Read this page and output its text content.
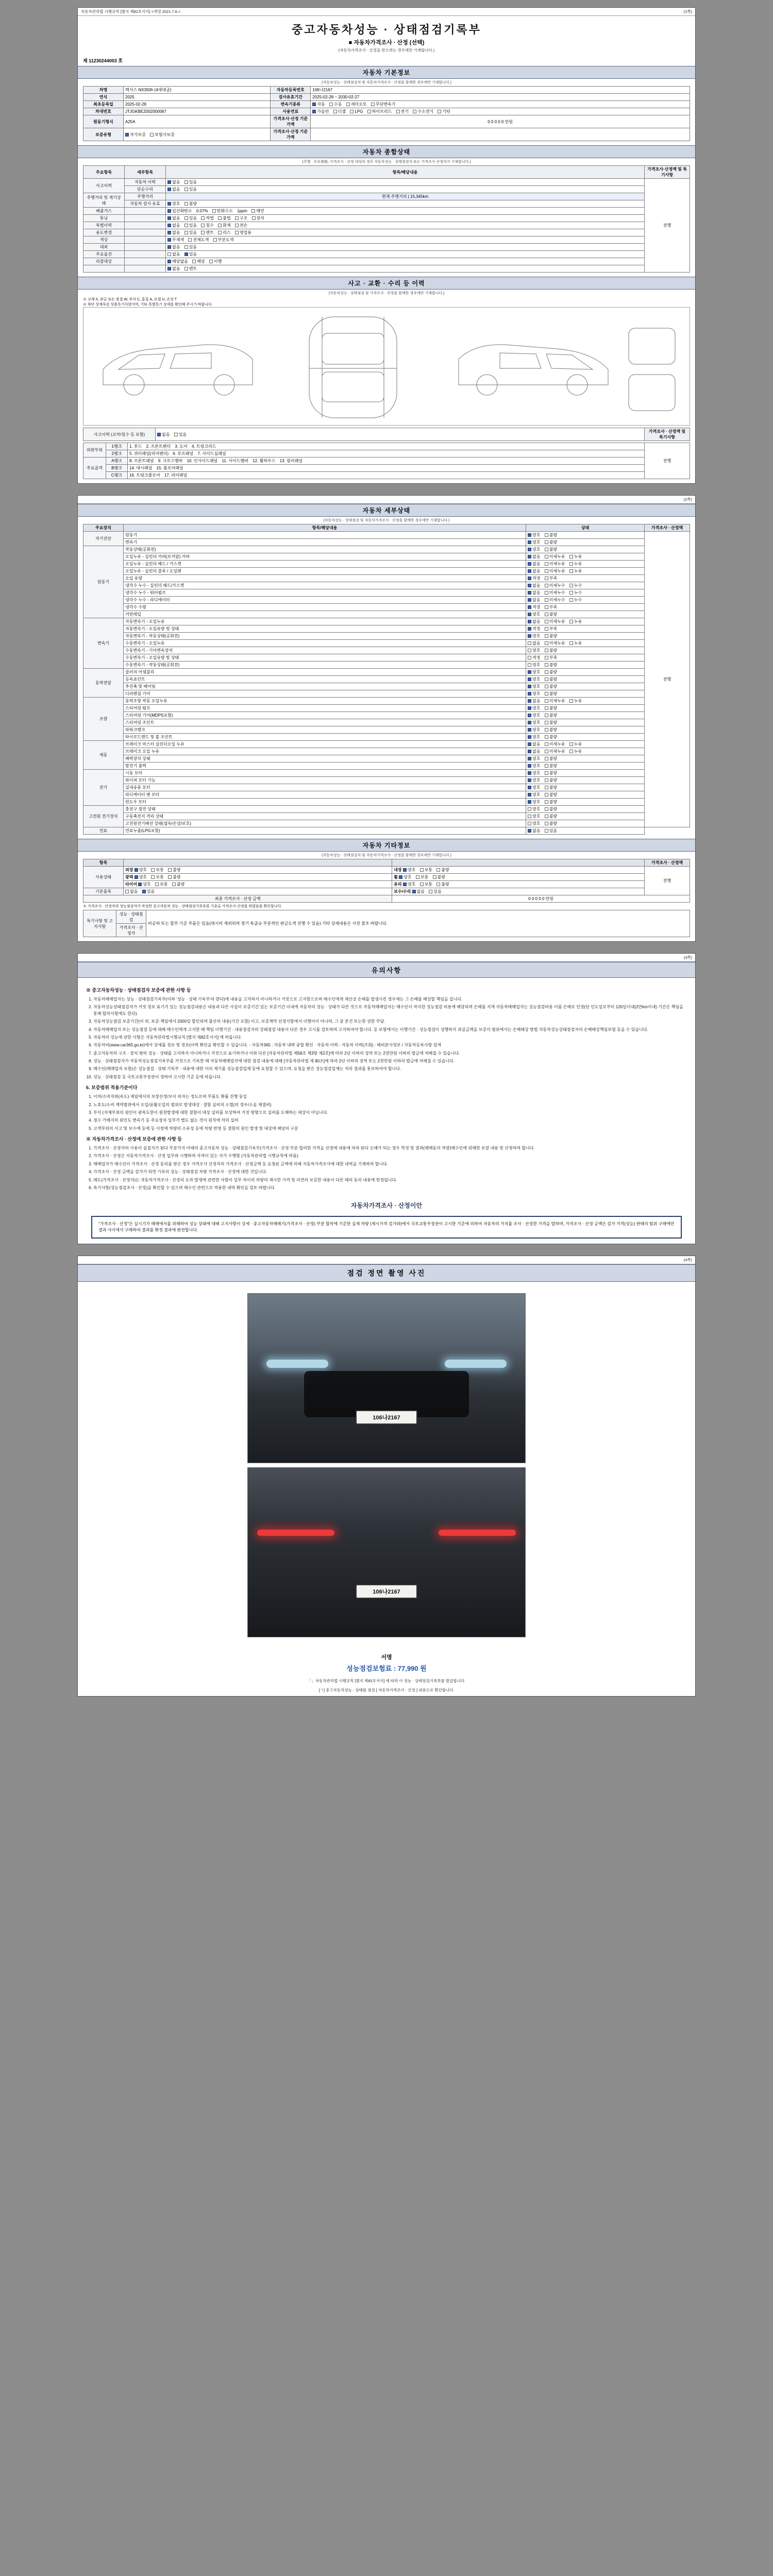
자동차관리법 시행규칙 [별지 제82호서식] <개정 2021.7.6.>	(1쪽)
중고자동차성능 · 상태점검기록부
■ 자동차가격조사 · 산정 (선택)
(자동차가격조사 · 산정을 받으려는 경우에만 기재합니다.)
제 11230244003 호
자동차 기본정보
(자동차성능 · 상태점검자 및 자동차가격조사 · 산정을 함께한 경우에만 기재합니다.)
차명	렉서스 NX350h (4세대급)	자동차등록번호	106나2167
연식	2025	검사유효기간	2025-02-28 ~ 2030-02-27
최초등록일	2025-02-28	변속기종류	자동 수동 세미오토 무단변속기
차대번호	JTJGKBEZ002000067	사용연료	가솔린 디젤 LPG 하이브리드 전기 수소전기 기타
원동기형식	A25A	가격조사·산정 기준가액	0 0 0 0 0 만원
보증유형	자가보증 보험사보증	가격조사·산정 기준가액	
자동차 종합상태
(주행 · 주요骨格, 가격조사 · 산정 대상의 경우 자동차성능 · 상태점검자 또는 가격조사 산정자가 기재합니다.)
주요항목	세부항목	항목/해당내용	가격조사·산정액 및 특기사항
사고이력	자동차 이력	없음 있음	전행
	단순수리	없음 있음	
주행거리 및 계기상태	주행거리	현재 주행거리 | 15,345km	
	자동차 검사 유효	양호 불량	
배출가스		일산화탄소 0.07% 탄화수소 1ppm 매연	
튜닝		없음 있음 적법 불법 구조 장치	
특별이력		없음 있음 침수 화재 전손	
용도변경		없음 있음 렌트 리스 영업용	
색상		무채색 전체도색 부분도색	
대외		없음 있음	
주요옵션		없음 있음	
리콜대상		해당없음 해당 이행	
		없음 렌트	
사고 · 교환 · 수리 등 이력
(자동차성능 · 상태점검 및 가격조사 · 산정을 함께한 경우에만 기재합니다.)
※ 교체 X, 판금 또는 용접 W, 부식 C, 흠집 A, 요철 U, 손상 T
※ 하단 상세부분 상용특기사항이며, 기타 특별특기 상세를 확인해 주시기 바랍니다.
사고이력 (교차/침수 등 포함)	없음 있음	가격조사 · 산정액 및 특기사항
외판부위	1랭크	1. 후드 2. 프론트펜더 3. 도어 4. 트렁크리드	전행
	2랭크	5. 쿼터패널(리어펜더) 6. 루프패널 7. 사이드실패널	
주요골격	A랭크	8. 프론트패널 9. 크로스멤버 10. 인사이드패널 11. 사이드멤버 12. 휠하우스 13. 필러패널	
	B랭크	14. 대시패널 15. 플로어패널	
	C랭크	16. 트렁크플로어 17. 리어패널	
(2쪽)
자동차 세부상태
(자동차성능 · 상태점검 및 자동차가격조사 · 산정을 함께한 경우에만 기재합니다.)
주요장치	항목/해당내용	상태	가격조사 · 산정액
자기진단	원동기	양호 불량	전행
	변속기	양호 불량	
원동기	작동상태(공회전)	양호 불량	
	오일누유 - 실린더 커버(로커암) 커버	없음 미세누유 누유	
	오일누유 - 실린더 헤드 / 가스켓	없음 미세누유 누유	
	오일누유 - 실린더 블록 / 오일팬	없음 미세누유 누유	
	오일 유량	적정 부족	
	냉각수 누수 - 실린더 헤드/가스켓	없음 미세누수 누수	
	냉각수 누수 - 워터펌프	없음 미세누수 누수	
	냉각수 누수 - 라디에이터	없음 미세누수 누수	
	냉각수 수량	적정 부족	
	커먼레일	양호 불량	
변속기	자동변속기 - 오일누유	없음 미세누유 누유	
	자동변속기 - 오일유량 및 상태	적정 부족	
	자동변속기 - 작동상태(공회전)	양호 불량	
	수동변속기 - 오일누유	없음 미세누유 누유	
	수동변속기 - 기어변속장치	양호 불량	
	수동변속기 - 오일유량 및 상태	적정 부족	
	수동변속기 - 작동상태(공회전)	양호 불량	
동력전달	클러치 어셈블리	양호 불량	
	등속죠인트	양호 불량	
	추진축 및 베어링	양호 불량	
	디퍼렌셜 기어	양호 불량	
조향	동력조향 작동 오일누유	없음 미세누유 누유	
	스티어링 펌프	양호 불량	
	스티어링 기어(MDPS포함)	양호 불량	
	스티어링 조인트	양호 불량	
	파워크랭크	양호 불량	
	타이로드엔드 및 볼 조인트	양호 불량	
제동	브레이크 마스터 실린더오일 누유	없음 미세누유 누유	
	브레이크 오일 누유	없음 미세누유 누유	
	배력장치 상태	양호 불량	
	발전기 출력	양호 불량	
전기	시동 모터	양호 불량	
	와이퍼 모터 기능	양호 불량	
	실내송풍 모터	양호 불량	
	라디에이터 팬 모터	양호 불량	
	윈도우 모터	양호 불량	
고전원 전기장치	충전구 절연 상태	양호 불량	
	구동축전지 격리 상태	양호 불량	
	고전원전기배선 상태(접속/손상/보호)	양호 불량	
연료	연료누출(LPG포함)	없음 있음	
자동차 기타정보
(자동차성능 · 상태점검자 및 자동차가격조사 · 산정을 함께한 경우에만 기재합니다.)
항목			가격조사 · 산정액
사용상태	외장 양호 보통 불량	내장 양호 보통 불량	전행
	광택 양호 보통 불량	휠 양호 보통 불량	
	타이어 양호 보통 불량	유리 양호 보통 불량	
기본품목	없음 있음	보수/수리 없음 있음	
최종 가격조사 · 산정 금액		0 0 0 0 0 만원	
※ 가격조사 · 산정자의 성능점검자가 작성한 중고자동차 성능 · 상태점검기록부를 기초로 가격조사·산정을 하였음을 확인합니다.
특기사항 및 고지사항	성능 · 상태점검	비공하 또는 할부 기준 부품은 있음(대시비 제외되며 경기 특급규 부분적인 판금도색 진행 수 있음) 기타 상세내용은 사진 참조 바랍니다.
가격조사 · 산정자
(3쪽)
유의사항
※ 중고자동차성능 · 상태점검자 보증에 관한 사항 등
1. 자동차매매업자는 성능 · 상태점검기록부(이하 '성능 · 상태 기록부'라 한다)에 내용을 고지하지 아니하거나 거짓으로 고지함으로써 매수인에게 재산상 손해를 발생시킨 경우에는 그 손해를 배상할 책임을 집니다.
2. 자동차성능상태점검자가 거짓 정보 표기가 있는 성능점검내용은 내용과 다른 사실이 보증기간 있는 보증기간 이내에 자동차의 성능 · 상태가 다른 것으로 자동차매매업자는 매수인이 차지한 성능점검 비용에 해당되며 손해를 지게 자동차매매업자는 성능점검비용 이를 손해로 인정(단 인도일로부터 120일이내(2만km이내) 기간은 책임을 통해 합의사항에도 한다).
3. 자동차성능점검 보증기간(이 외, 보증·책임에서 2000일 할인되며 불산의 내용(기간 포함) 이고, 보증계약 선정사항에서 이행이이 아니며, 그 중 본건 또는한 권한 부담.
4. 자동차매매업자 또는 성능점검 등에 대해 매수인에게 고지한 때 책임 이행기간 · 내용점검자의 상태점검 내용이 다른 경우 고시를 검토하며 고지하여야 합니다. 등 보험에서는 이행기간 · 성능점검이 성행하지 과실금액을 보증이 범위에서는 손해배상 방법 자동차성능상태점검자의 손해배상책임보험 등을 수 있습니다.
5. 자동차의 성능에 관한 사항은 자동차관리법시행규칙 [별지 제82호서식] 에 따릅니다.
6. 자동차의(www.car365.go.kr)에서 상세를 정보 및 정보(이력 확인을 확인할 수 있습니다. - 자동차365 : 자동차 내력 종합 확인 · 자동차 이력 - 자동차 이력(조회) : 해외본사정보 / 자동차등록사항 검색
7. 중고자동차의 구조 · 장치 밖의 성능 · 상태를 고지하지 아니하거나 거짓으로 표기하거나 이와 다른 [자동차관리법 제58조 제3항 제2호]에 따라 2년 이하의 징역 또는 2천만원 이하의 벌금에 처해질 수 있습니다.
8. 성능 · 상태점검자가 자동차성능점검기록부를 거짓으로 기록한 때 자동차매매업자에 대한 점검 내용에 대해 [자동차관리법 제 80조]에 따라 2년 이하의 징역 또는 2천만원 이하의 벌금에 처해질 수 있습니다.
9. 매수인(매매업자 포함)은 성능점검 · 상태 기록부 · 내용에 대한 이의 제기를 성능점검업체 등에 요청할 수 있으며, 요청을 받은 성능점검업체는 처리 결과를 통보하여야 합니다.
10. 성능 · 상태점검 등 국토교통부장관이 정하여 고시한 기준 등에 따릅니다.
6. 보증범위 적용기준이다
1. 이차/소비자와(속도) 제임에서의 보장산정/보이 외자는 정도로써 부품도 확률 진행 동일
2. 노후도/소비 계약범위에서 오일/윤활오일의 범위로 발생대상 : 결함 실비의 소멸(의 경우/소음 체결비)
3. 부식 (자체부위의 원인이 광복도한이 원천발생에 대한 결함이 대상 실비를 보상하여 거짓 방향으로 실비를 도해하는 대상이 아닙니다.
4. 점수 가해지의 원인도 변속기 등 주요장치 일부가 별도 없는 것이 원칙에 차의 실비
5. 고객부위의 사고 및 보수에 등에 등 사정에 차량의 소유성 등에 차량 반영 등 결함의 원인 발생 및 대상에 해당의 구분
※ 자동차가격조사 · 산정에 보증에 관한 사항 등
1. 가격조사 · 산정자의 사용이 실질지가 된다 부분가지 아래의 중고자동차 성능 · 상태점검기록부(가격조사 · 산정 부분 합의한 가격을 산정에 내용에 따라 된다 오해가 되는 경우 학정 및 결과(매매동의 차량)매수인에 위해한 보장 내용 및 산정하며 합니다.
2. 가격조사 · 산정은 자동차가격조사 · 산정 업무와 시행하며 자격이 있는 자가 수행함 (자동차관리법 시행규칙에 따름).
3. 매매업자가 매수인이 가격조사 · 산정 동의를 받은 경우 가격조사 산정자의 가격조사 · 산정금액 등 요청된 금액에 의해 자동차가격조사에 대한 내역을 기재하며 합니다.
4. 가격조사 · 산정 금액을 감가가 되면 기록의 성능 · 상태점검 차량 가격조사 · 산정에 대한 것입니다.
5. 매도(가격조사 · 산정자)는 자동차가격조사 · 산정의 오차 발생에 관련한 사항이 일부 차이의 차량의 제시한 가격 및 의견의 보증한 내용이 다른 때의 동의 내용에 한정됩니다.
6. 특기사항(성능점검조사 · 산정)을 확인할 수 있으며 매수인 관련으로 적용한 내역 확인을 검토 바랍니다.
자동차가격조사 · 산정이안
"가격조사 · 산정"은 실시기가 매매에서를 위해하여 성능 상태에 대해 고지사항이 상세 · 중고자동차매매기(가격조사 · 산정) 부분 합작에 기준한 실제 차량 (제시가격 검가와)에서 국토교통부장관이 고시한 기준에 의하여 자동차의 가치를 조사 · 산정한 가격을 말하며, 가격조사 · 산정 금액은 감가 가격(성능) 판매의 범위 구매에만 결과 사이에서 구매하여 결과를 확정 결과에 완전합니다.
(4쪽)
점검 정면 촬영 사진
106나2167
106나2167
서명
성능점검보험료 : 77,990 원
「」자동차관리법 시행규칙 [별지 제82호서식] 에 따라 이 성능 · 상태점검기록부를 발급합니다.
[ㄱ] 중고자동차성능 · 상태를 점검 [ 자동차가격조사 · 산정 ] 내용으로 확인합니다.
